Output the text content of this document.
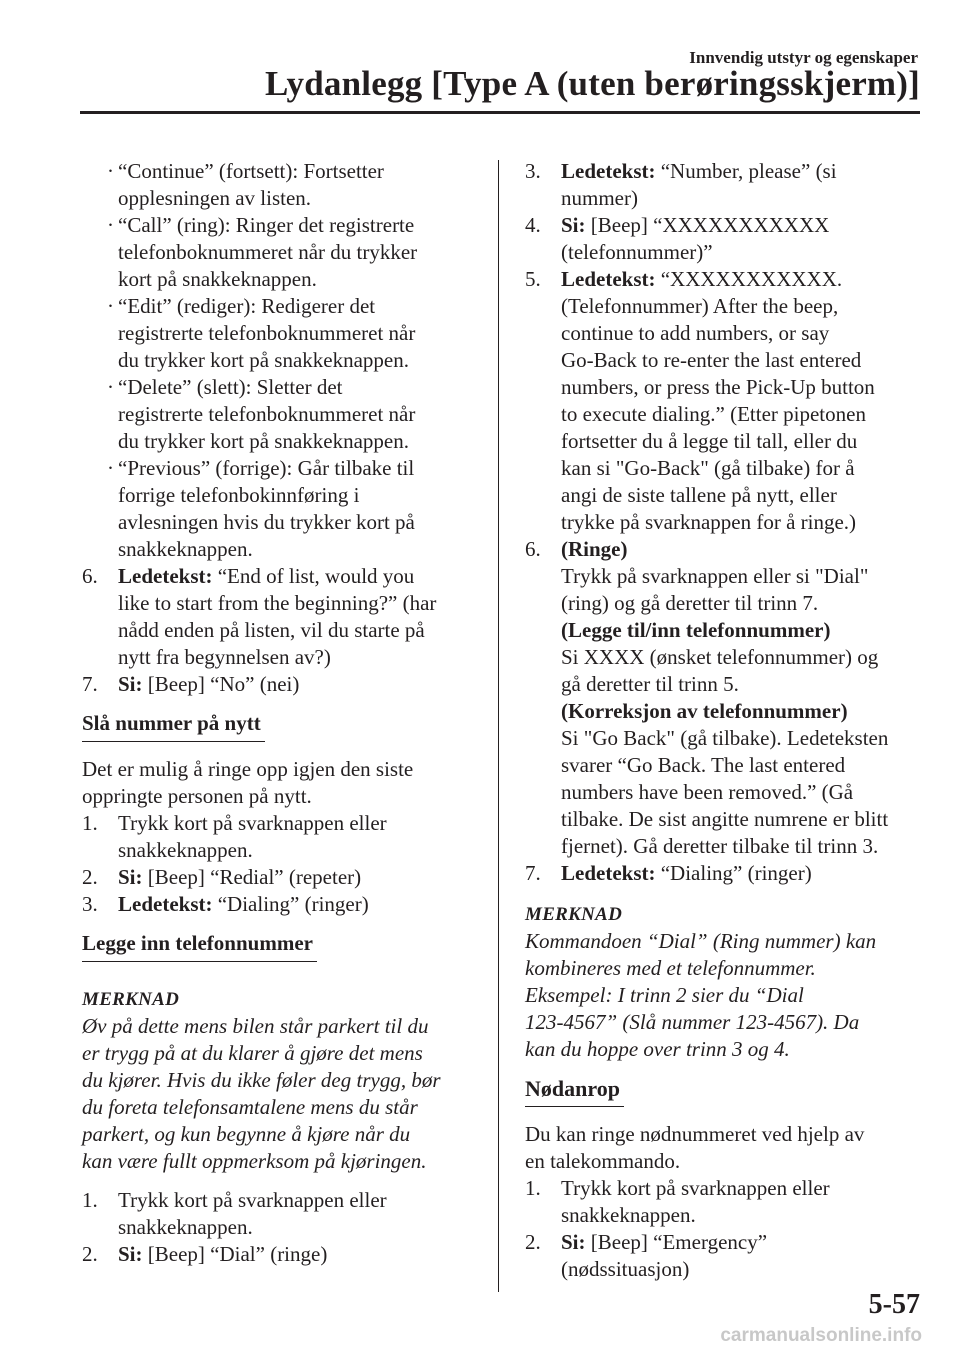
Innvendig utstyr og egenskaper
Lydanlegg [Type A (uten berøringsskjerm)]
· “Continue” (fortsett): Fortsetter
opplesningen av listen.
· “Call” (ring): Ringer det registrerte
telefonboknummeret når du trykker
kort på snakkeknappen.
· “Edit” (rediger): Redigerer det
registrerte telefonboknummeret når
du trykker kort på snakkeknappen.
· “Delete” (slett): Sletter det
registrerte telefonboknummeret når
du trykker kort på snakkeknappen.
· “Previous” (forrige): Går tilbake til
forrige telefonbokinnføring i
avlesningen hvis du trykker kort på
snakkeknappen.
6. Ledetekst: “End of list, would you
like to start from the beginning?” (har
nådd enden på listen, vil du starte på
nytt fra begynnelsen av?)
7. Si: [Beep] “No” (nei)
Slå nummer på nytt
Det er mulig å ringe opp igjen den siste
oppringte personen på nytt.
1. Trykk kort på svarknappen eller
snakkeknappen.
2. Si: [Beep] “Redial” (repeter)
3. Ledetekst: “Dialing” (ringer)
Legge inn telefonnummer
MERKNAD
Øv på dette mens bilen står parkert til du
er trygg på at du klarer å gjøre det mens
du kjører. Hvis du ikke føler deg trygg, bør
du foreta telefonsamtalene mens du står
parkert, og kun begynne å kjøre når du
kan være fullt oppmerksom på kjøringen.
1. Trykk kort på svarknappen eller
snakkeknappen.
2. Si: [Beep] “Dial” (ringe)
3. Ledetekst: “Number, please” (si
nummer)
4. Si: [Beep] “XXXXXXXXXXX
(telefonnummer)”
5. Ledetekst: “XXXXXXXXXXX.
(Telefonnummer) After the beep,
continue to add numbers, or say
Go-Back to re-enter the last entered
numbers, or press the Pick-Up button
to execute dialing.” (Etter pipetonen
fortsetter du å legge til tall, eller du
kan si "Go-Back" (gå tilbake) for å
angi de siste tallene på nytt, eller
trykke på svarknappen for å ringe.)
6. (Ringe)
Trykk på svarknappen eller si "Dial"
(ring) og gå deretter til trinn 7.
(Legge til/inn telefonnummer)
Si XXXX (ønsket telefonnummer) og
gå deretter til trinn 5.
(Korreksjon av telefonnummer)
Si "Go Back" (gå tilbake). Ledeteksten
svarer “Go Back. The last entered
numbers have been removed.” (Gå
tilbake. De sist angitte numrene er blitt
fjernet). Gå deretter tilbake til trinn 3.
7. Ledetekst: “Dialing” (ringer)
MERKNAD
Kommandoen “Dial” (Ring nummer) kan
kombineres med et telefonnummer.
Eksempel: I trinn 2 sier du “Dial
123-4567” (Slå nummer 123-4567). Da
kan du hoppe over trinn 3 og 4.
Nødanrop
Du kan ringe nødnummeret ved hjelp av
en talekommando.
1. Trykk kort på svarknappen eller
snakkeknappen.
2. Si: [Beep] “Emergency”
(nødssituasjon)
5-57
carmanualsonline.info
